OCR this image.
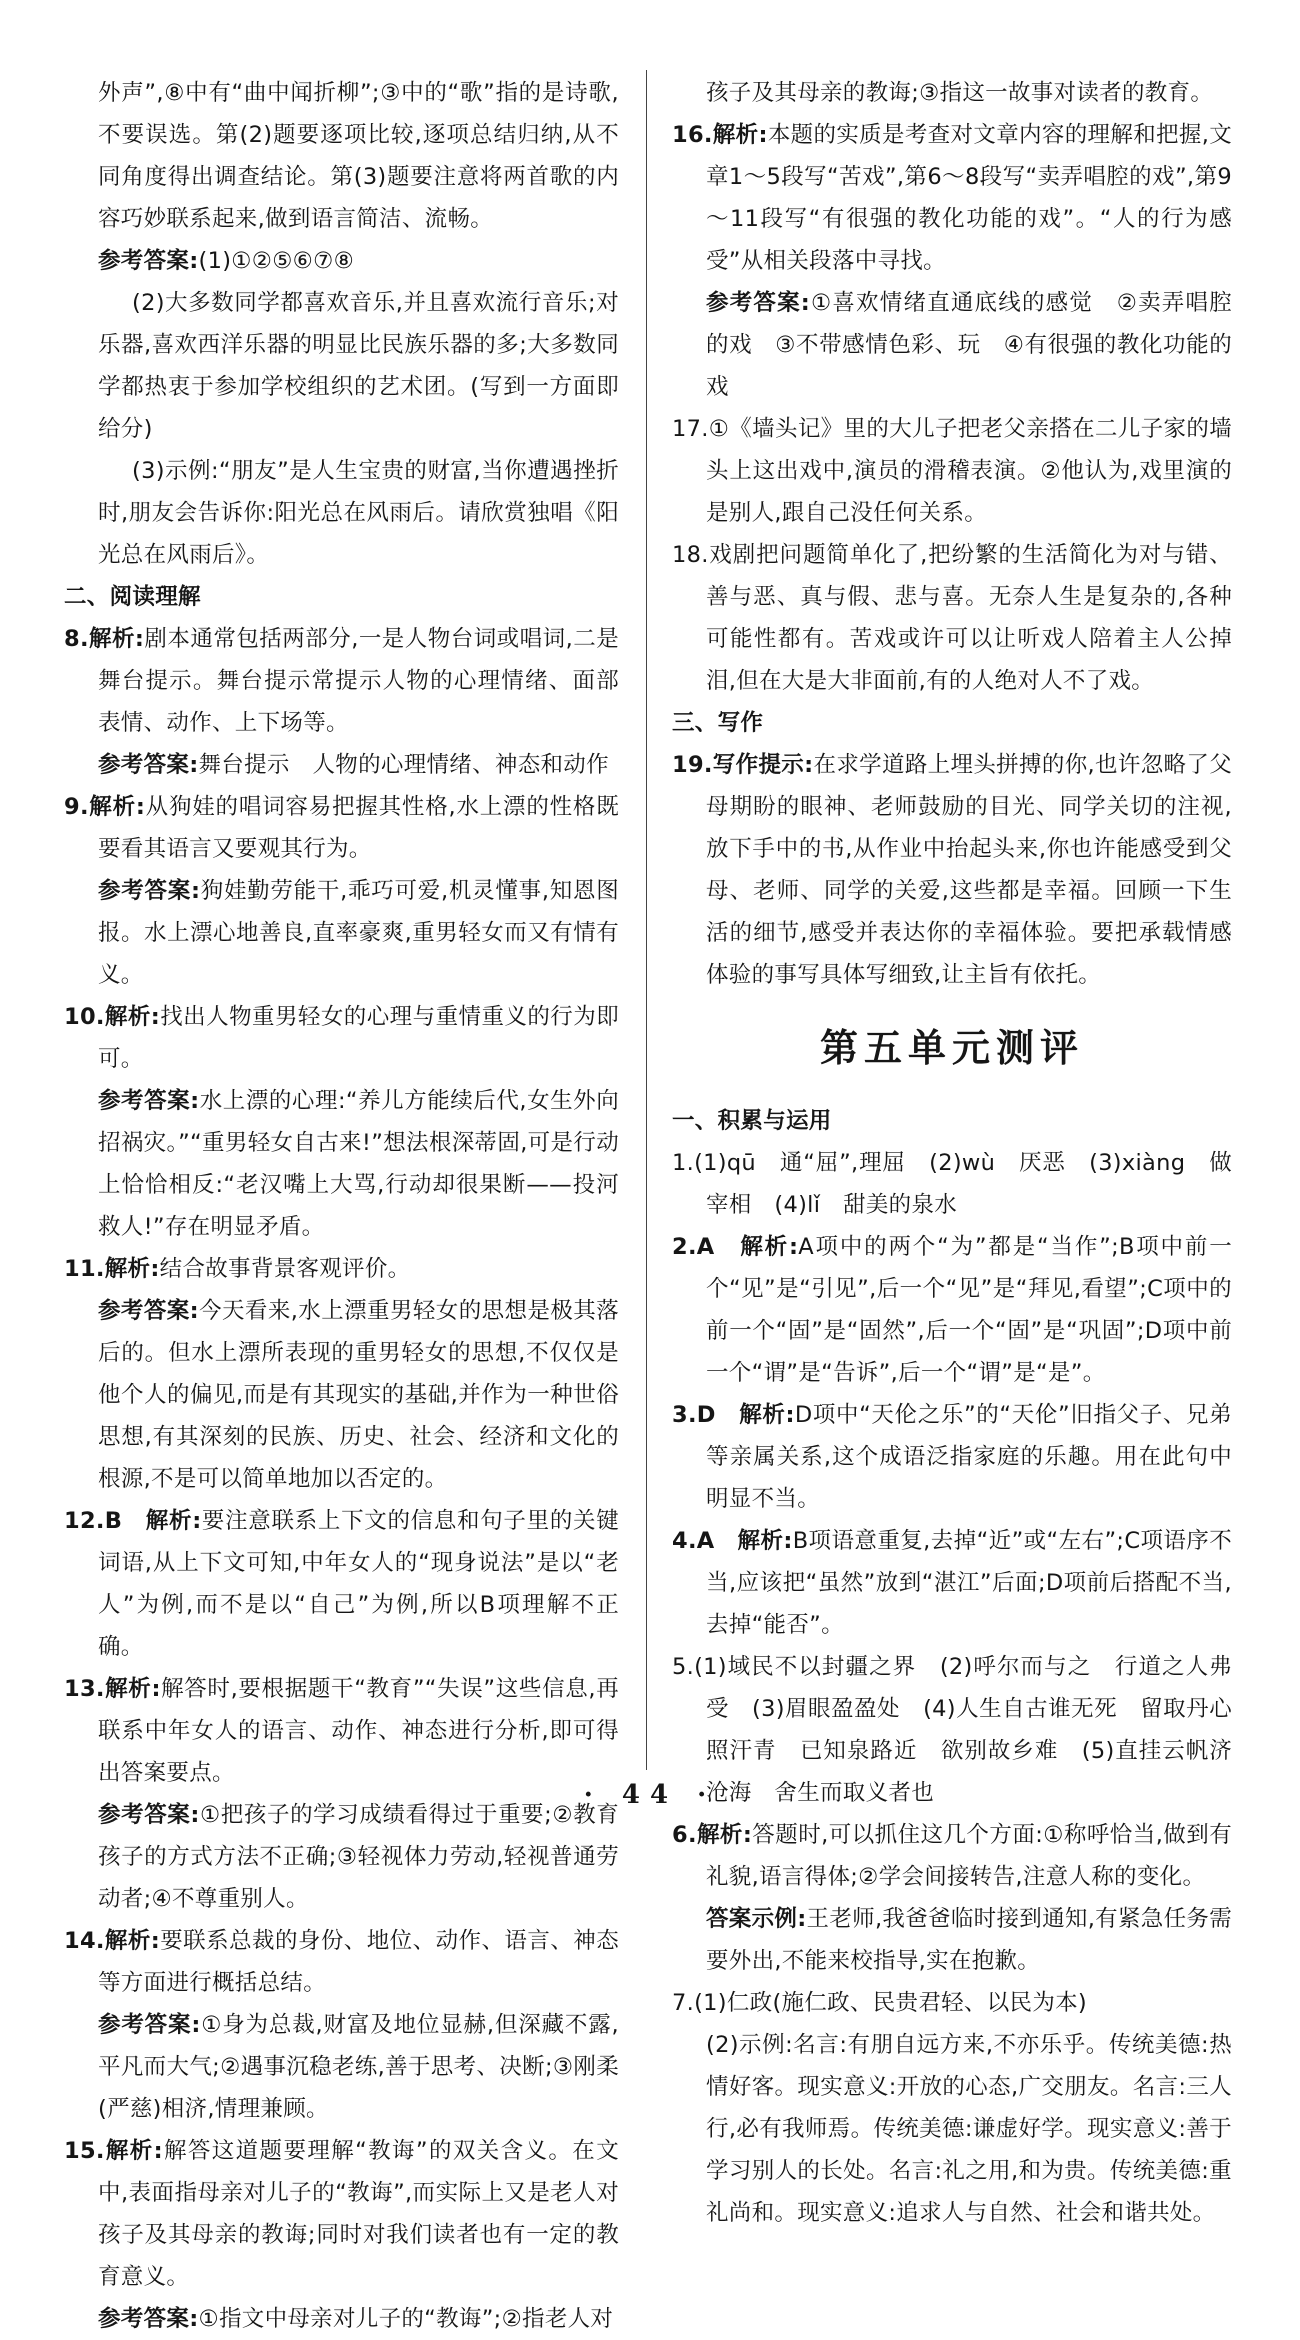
外声”,⑧中有“曲中闻折柳”;③中的“歌”指的是诗歌,不要误选。第(2)题要逐项比较,逐项总结归纳,从不同角度得出调查结论。第(3)题要注意将两首歌的内容巧妙联系起来,做到语言简洁、流畅。
参考答案:(1)①②⑤⑥⑦⑧
(2)大多数同学都喜欢音乐,并且喜欢流行音乐;对乐器,喜欢西洋乐器的明显比民族乐器的多;大多数同学都热衷于参加学校组织的艺术团。(写到一方面即给分)
(3)示例:“朋友”是人生宝贵的财富,当你遭遇挫折时,朋友会告诉你:阳光总在风雨后。请欣赏独唱《阳光总在风雨后》。
二、阅读理解
8.解析:剧本通常包括两部分,一是人物台词或唱词,二是舞台提示。舞台提示常提示人物的心理情绪、面部表情、动作、上下场等。
参考答案:舞台提示　人物的心理情绪、神态和动作
9.解析:从狗娃的唱词容易把握其性格,水上漂的性格既要看其语言又要观其行为。
参考答案:狗娃勤劳能干,乖巧可爱,机灵懂事,知恩图报。水上漂心地善良,直率豪爽,重男轻女而又有情有义。
10.解析:找出人物重男轻女的心理与重情重义的行为即可。
参考答案:水上漂的心理:“养儿方能续后代,女生外向招祸灾。”“重男轻女自古来!”想法根深蒂固,可是行动上恰恰相反:“老汉嘴上大骂,行动却很果断——投河救人!”存在明显矛盾。
11.解析:结合故事背景客观评价。
参考答案:今天看来,水上漂重男轻女的思想是极其落后的。但水上漂所表现的重男轻女的思想,不仅仅是他个人的偏见,而是有其现实的基础,并作为一种世俗思想,有其深刻的民族、历史、社会、经济和文化的根源,不是可以简单地加以否定的。
12.B　解析:要注意联系上下文的信息和句子里的关键词语,从上下文可知,中年女人的“现身说法”是以“老人”为例,而不是以“自己”为例,所以B项理解不正确。
13.解析:解答时,要根据题干“教育”“失误”这些信息,再联系中年女人的语言、动作、神态进行分析,即可得出答案要点。
参考答案:①把孩子的学习成绩看得过于重要;②教育孩子的方式方法不正确;③轻视体力劳动,轻视普通劳动者;④不尊重别人。
14.解析:要联系总裁的身份、地位、动作、语言、神态等方面进行概括总结。
参考答案:①身为总裁,财富及地位显赫,但深藏不露,平凡而大气;②遇事沉稳老练,善于思考、决断;③刚柔(严慈)相济,情理兼顾。
15.解析:解答这道题要理解“教诲”的双关含义。在文中,表面指母亲对儿子的“教诲”,而实际上又是老人对孩子及其母亲的教诲;同时对我们读者也有一定的教育意义。
参考答案:①指文中母亲对儿子的“教诲”;②指老人对
孩子及其母亲的教诲;③指这一故事对读者的教育。
16.解析:本题的实质是考查对文章内容的理解和把握,文章1～5段写“苦戏”,第6～8段写“卖弄唱腔的戏”,第9～11段写“有很强的教化功能的戏”。“人的行为感受”从相关段落中寻找。
参考答案:①喜欢情绪直通底线的感觉　②卖弄唱腔的戏　③不带感情色彩、玩　④有很强的教化功能的戏
17.①《墙头记》里的大儿子把老父亲搭在二儿子家的墙头上这出戏中,演员的滑稽表演。②他认为,戏里演的是别人,跟自己没任何关系。
18.戏剧把问题简单化了,把纷繁的生活简化为对与错、善与恶、真与假、悲与喜。无奈人生是复杂的,各种可能性都有。苦戏或许可以让听戏人陪着主人公掉泪,但在大是大非面前,有的人绝对人不了戏。
三、写作
19.写作提示:在求学道路上埋头拼搏的你,也许忽略了父母期盼的眼神、老师鼓励的目光、同学关切的注视,放下手中的书,从作业中抬起头来,你也许能感受到父母、老师、同学的关爱,这些都是幸福。回顾一下生活的细节,感受并表达你的幸福体验。要把承载情感体验的事写具体写细致,让主旨有依托。
第五单元测评
一、积累与运用
1.(1)qū　通“屈”,理屈　(2)wù　厌恶　(3)xiàng　做宰相　(4)lǐ　甜美的泉水
2.A　解析:A项中的两个“为”都是“当作”;B项中前一个“见”是“引见”,后一个“见”是“拜见,看望”;C项中的前一个“固”是“固然”,后一个“固”是“巩固”;D项中前一个“谓”是“告诉”,后一个“谓”是“是”。
3.D　解析:D项中“天伦之乐”的“天伦”旧指父子、兄弟等亲属关系,这个成语泛指家庭的乐趣。用在此句中明显不当。
4.A　解析:B项语意重复,去掉“近”或“左右”;C项语序不当,应该把“虽然”放到“湛江”后面;D项前后搭配不当,去掉“能否”。
5.(1)域民不以封疆之界　(2)呼尔而与之　行道之人弗受　(3)眉眼盈盈处　(4)人生自古谁无死　留取丹心照汗青　已知泉路近　欲别故乡难　(5)直挂云帆济沧海　舍生而取义者也
6.解析:答题时,可以抓住这几个方面:①称呼恰当,做到有礼貌,语言得体;②学会间接转告,注意人称的变化。
答案示例:王老师,我爸爸临时接到通知,有紧急任务需要外出,不能来校指导,实在抱歉。
7.(1)仁政(施仁政、民贵君轻、以民为本)
(2)示例:名言:有朋自远方来,不亦乐乎。传统美德:热情好客。现实意义:开放的心态,广交朋友。名言:三人行,必有我师焉。传统美德:谦虚好学。现实意义:善于学习别人的长处。名言:礼之用,和为贵。传统美德:重礼尚和。现实意义:追求人与自然、社会和谐共处。
· 44 ·
